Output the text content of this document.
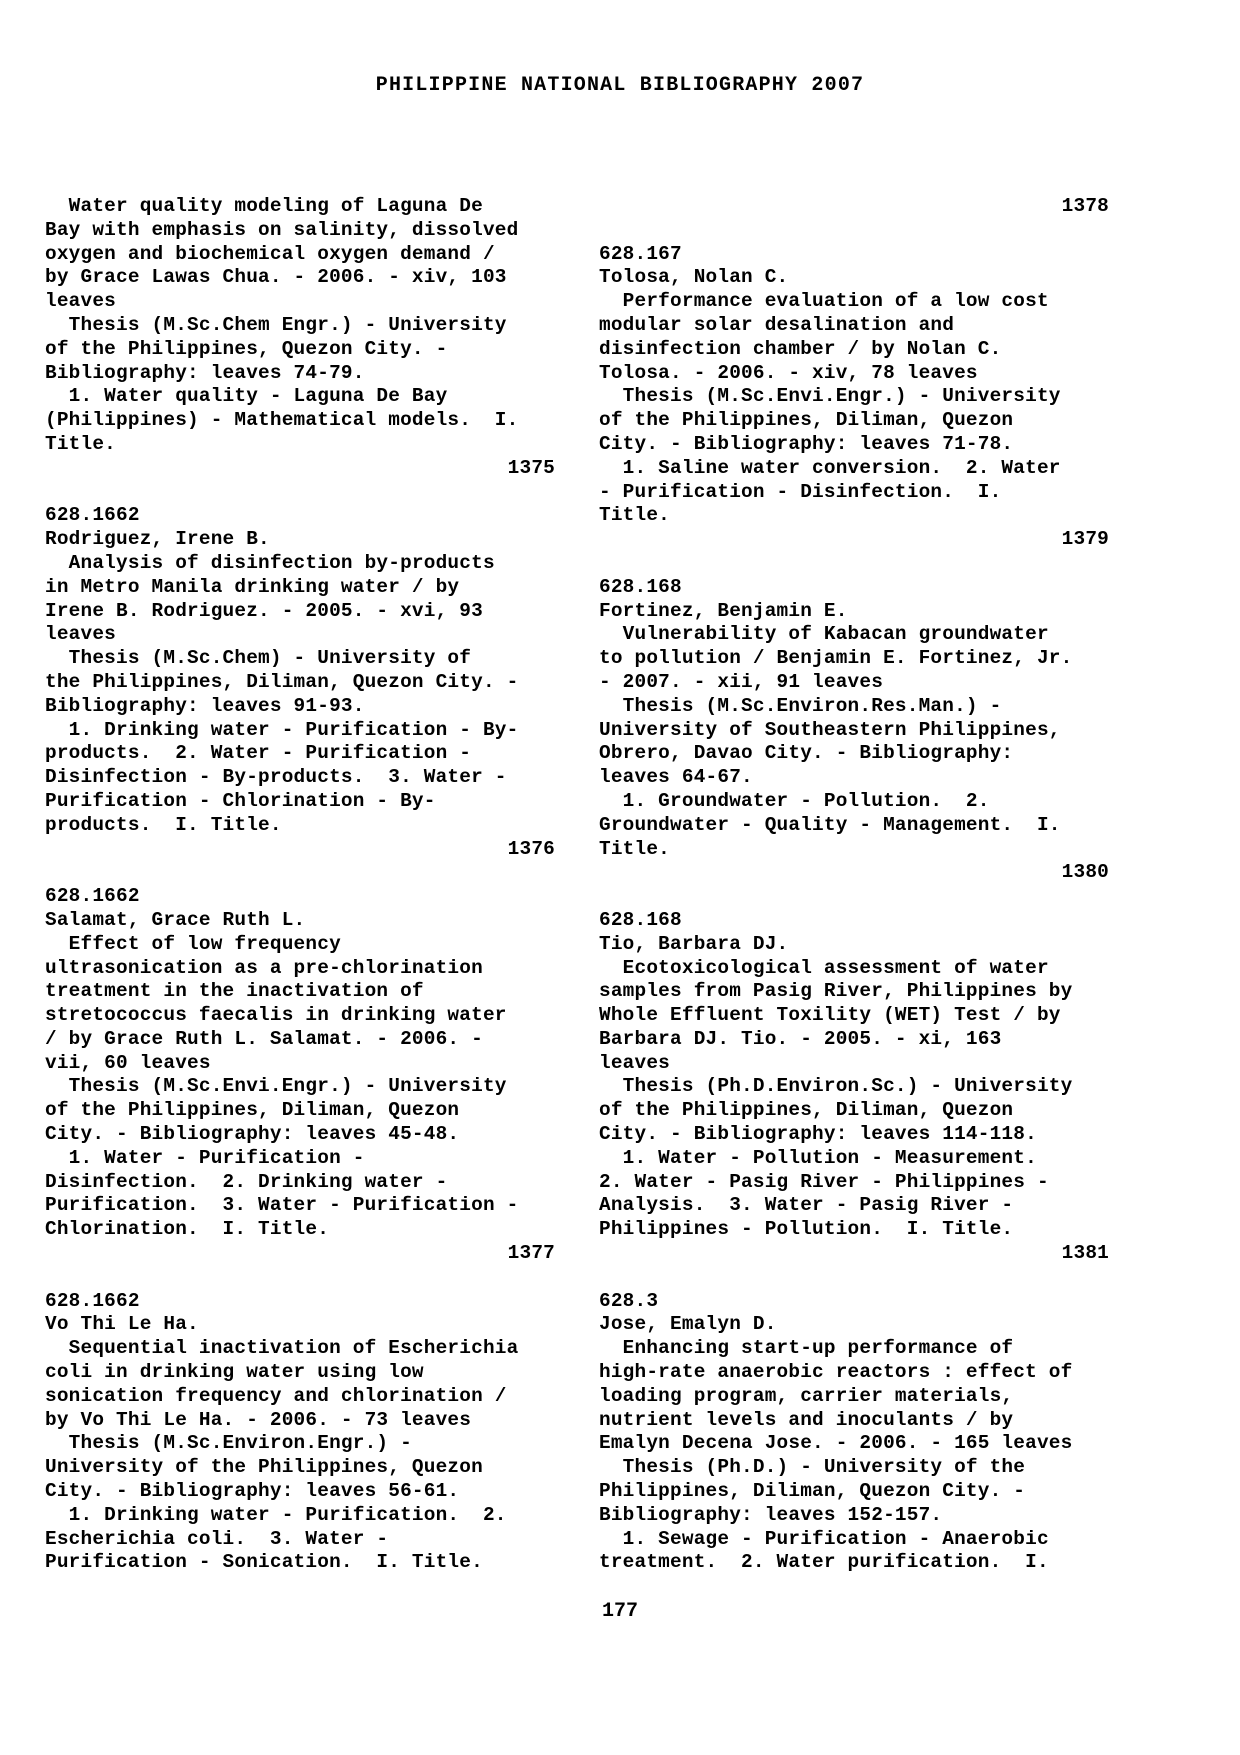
PHILIPPINE NATIONAL BIBLIOGRAPHY 2007
Water quality modeling of Laguna De
Bay with emphasis on salinity, dissolved
oxygen and biochemical oxygen demand /
by Grace Lawas Chua. - 2006. - xiv, 103
leaves
Thesis (M.Sc.Chem Engr.) - University
of the Philippines, Quezon City. -
Bibliography: leaves 74-79.
1. Water quality - Laguna De Bay
(Philippines) - Mathematical models.  I.
Title.
1375
628.1662
Rodriguez, Irene B.
Analysis of disinfection by-products
in Metro Manila drinking water / by
Irene B. Rodriguez. - 2005. - xvi, 93
leaves
Thesis (M.Sc.Chem) - University of
the Philippines, Diliman, Quezon City. -
Bibliography: leaves 91-93.
1. Drinking water - Purification - By-
products.  2. Water - Purification -
Disinfection - By-products.  3. Water -
Purification - Chlorination - By-
products.  I. Title.
1376
628.1662
Salamat, Grace Ruth L.
Effect of low frequency
ultrasonication as a pre-chlorination
treatment in the inactivation of
stretococcus faecalis in drinking water
/ by Grace Ruth L. Salamat. - 2006. -
vii, 60 leaves
Thesis (M.Sc.Envi.Engr.) - University
of the Philippines, Diliman, Quezon
City. - Bibliography: leaves 45-48.
1. Water - Purification -
Disinfection.  2. Drinking water -
Purification.  3. Water - Purification -
Chlorination.  I. Title.
1377
628.1662
Vo Thi Le Ha.
Sequential inactivation of Escherichia
coli in drinking water using low
sonication frequency and chlorination /
by Vo Thi Le Ha. - 2006. - 73 leaves
Thesis (M.Sc.Environ.Engr.) -
University of the Philippines, Quezon
City. - Bibliography: leaves 56-61.
1. Drinking water - Purification.  2.
Escherichia coli.  3. Water -
Purification - Sonication.  I. Title.
1378
628.167
Tolosa, Nolan C.
Performance evaluation of a low cost
modular solar desalination and
disinfection chamber / by Nolan C.
Tolosa. - 2006. - xiv, 78 leaves
Thesis (M.Sc.Envi.Engr.) - University
of the Philippines, Diliman, Quezon
City. - Bibliography: leaves 71-78.
1. Saline water conversion.  2. Water
- Purification - Disinfection.  I.
Title.
1379
628.168
Fortinez, Benjamin E.
Vulnerability of Kabacan groundwater
to pollution / Benjamin E. Fortinez, Jr.
- 2007. - xii, 91 leaves
Thesis (M.Sc.Environ.Res.Man.) -
University of Southeastern Philippines,
Obrero, Davao City. - Bibliography:
leaves 64-67.
1. Groundwater - Pollution.  2.
Groundwater - Quality - Management.  I.
Title.
1380
628.168
Tio, Barbara DJ.
Ecotoxicological assessment of water
samples from Pasig River, Philippines by
Whole Effluent Toxility (WET) Test / by
Barbara DJ. Tio. - 2005. - xi, 163
leaves
Thesis (Ph.D.Environ.Sc.) - University
of the Philippines, Diliman, Quezon
City. - Bibliography: leaves 114-118.
1. Water - Pollution - Measurement.
2. Water - Pasig River - Philippines -
Analysis.  3. Water - Pasig River -
Philippines - Pollution.  I. Title.
1381
628.3
Jose, Emalyn D.
Enhancing start-up performance of
high-rate anaerobic reactors : effect of
loading program, carrier materials,
nutrient levels and inoculants / by
Emalyn Decena Jose. - 2006. - 165 leaves
Thesis (Ph.D.) - University of the
Philippines, Diliman, Quezon City. -
Bibliography: leaves 152-157.
1. Sewage - Purification - Anaerobic
treatment.  2. Water purification.  I.
177
